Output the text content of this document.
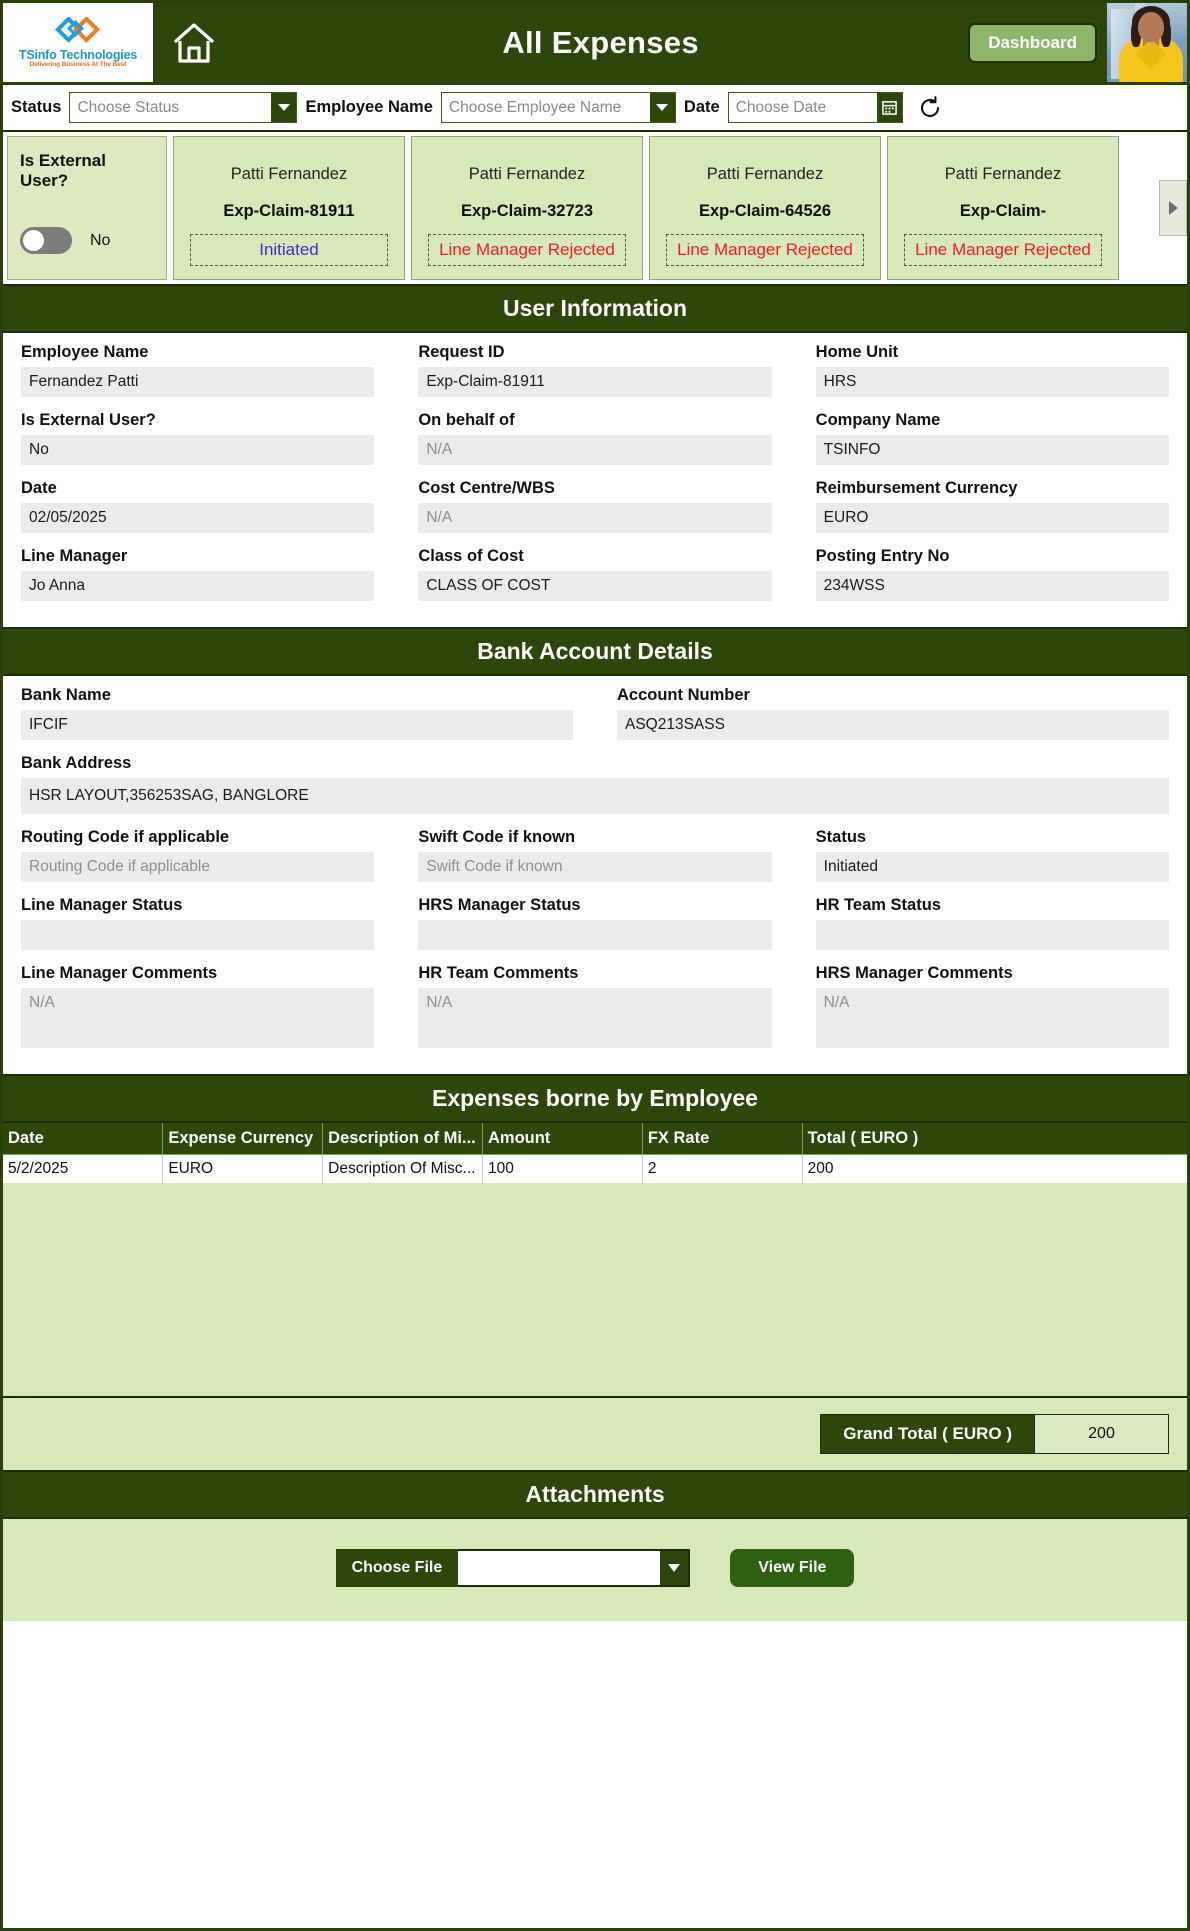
TSinfo Technologies
Delivering Business At The Best
All Expenses	Dashboard
Status	Choose Status	Employee Name	Choose Employee Name	Date	Choose Date
Is External User?
No
Patti Fernandez
Exp-Claim-81911
Initiated
Patti Fernandez
Exp-Claim-32723
Line Manager Rejected
Patti Fernandez
Exp-Claim-64526
Line Manager Rejected
Patti Fernandez
Exp-Claim-
Line Manager Rejected
User Information
Employee Name
Fernandez Patti
Request ID
Exp-Claim-81911
Home Unit
HRS
Is External User?
No
On behalf of
N/A
Company Name
TSINFO
Date
02/05/2025
Cost Centre/WBS
N/A
Reimbursement Currency
EURO
Line Manager
Jo Anna
Class of Cost
CLASS OF COST
Posting Entry No
234WSS
Bank Account Details
Bank Name
IFCIF
Account Number
ASQ213SASS
Bank Address
HSR LAYOUT,356253SAG, BANGLORE
Routing Code if applicable
Routing Code if applicable
Swift Code if known
Swift Code if known
Status
Initiated
Line Manager Status	HRS Manager Status	HR Team Status
Line Manager Comments
N/A
HR Team Comments
N/A
HRS Manager Comments
N/A
Expenses borne by Employee
Date	Expense Currency	Description of Mi...	Amount	FX Rate	Total ( EURO )
5/2/2025	EURO	Description Of Misc...	100	2	200
Grand Total ( EURO )	200
Attachments
Choose File	View File
